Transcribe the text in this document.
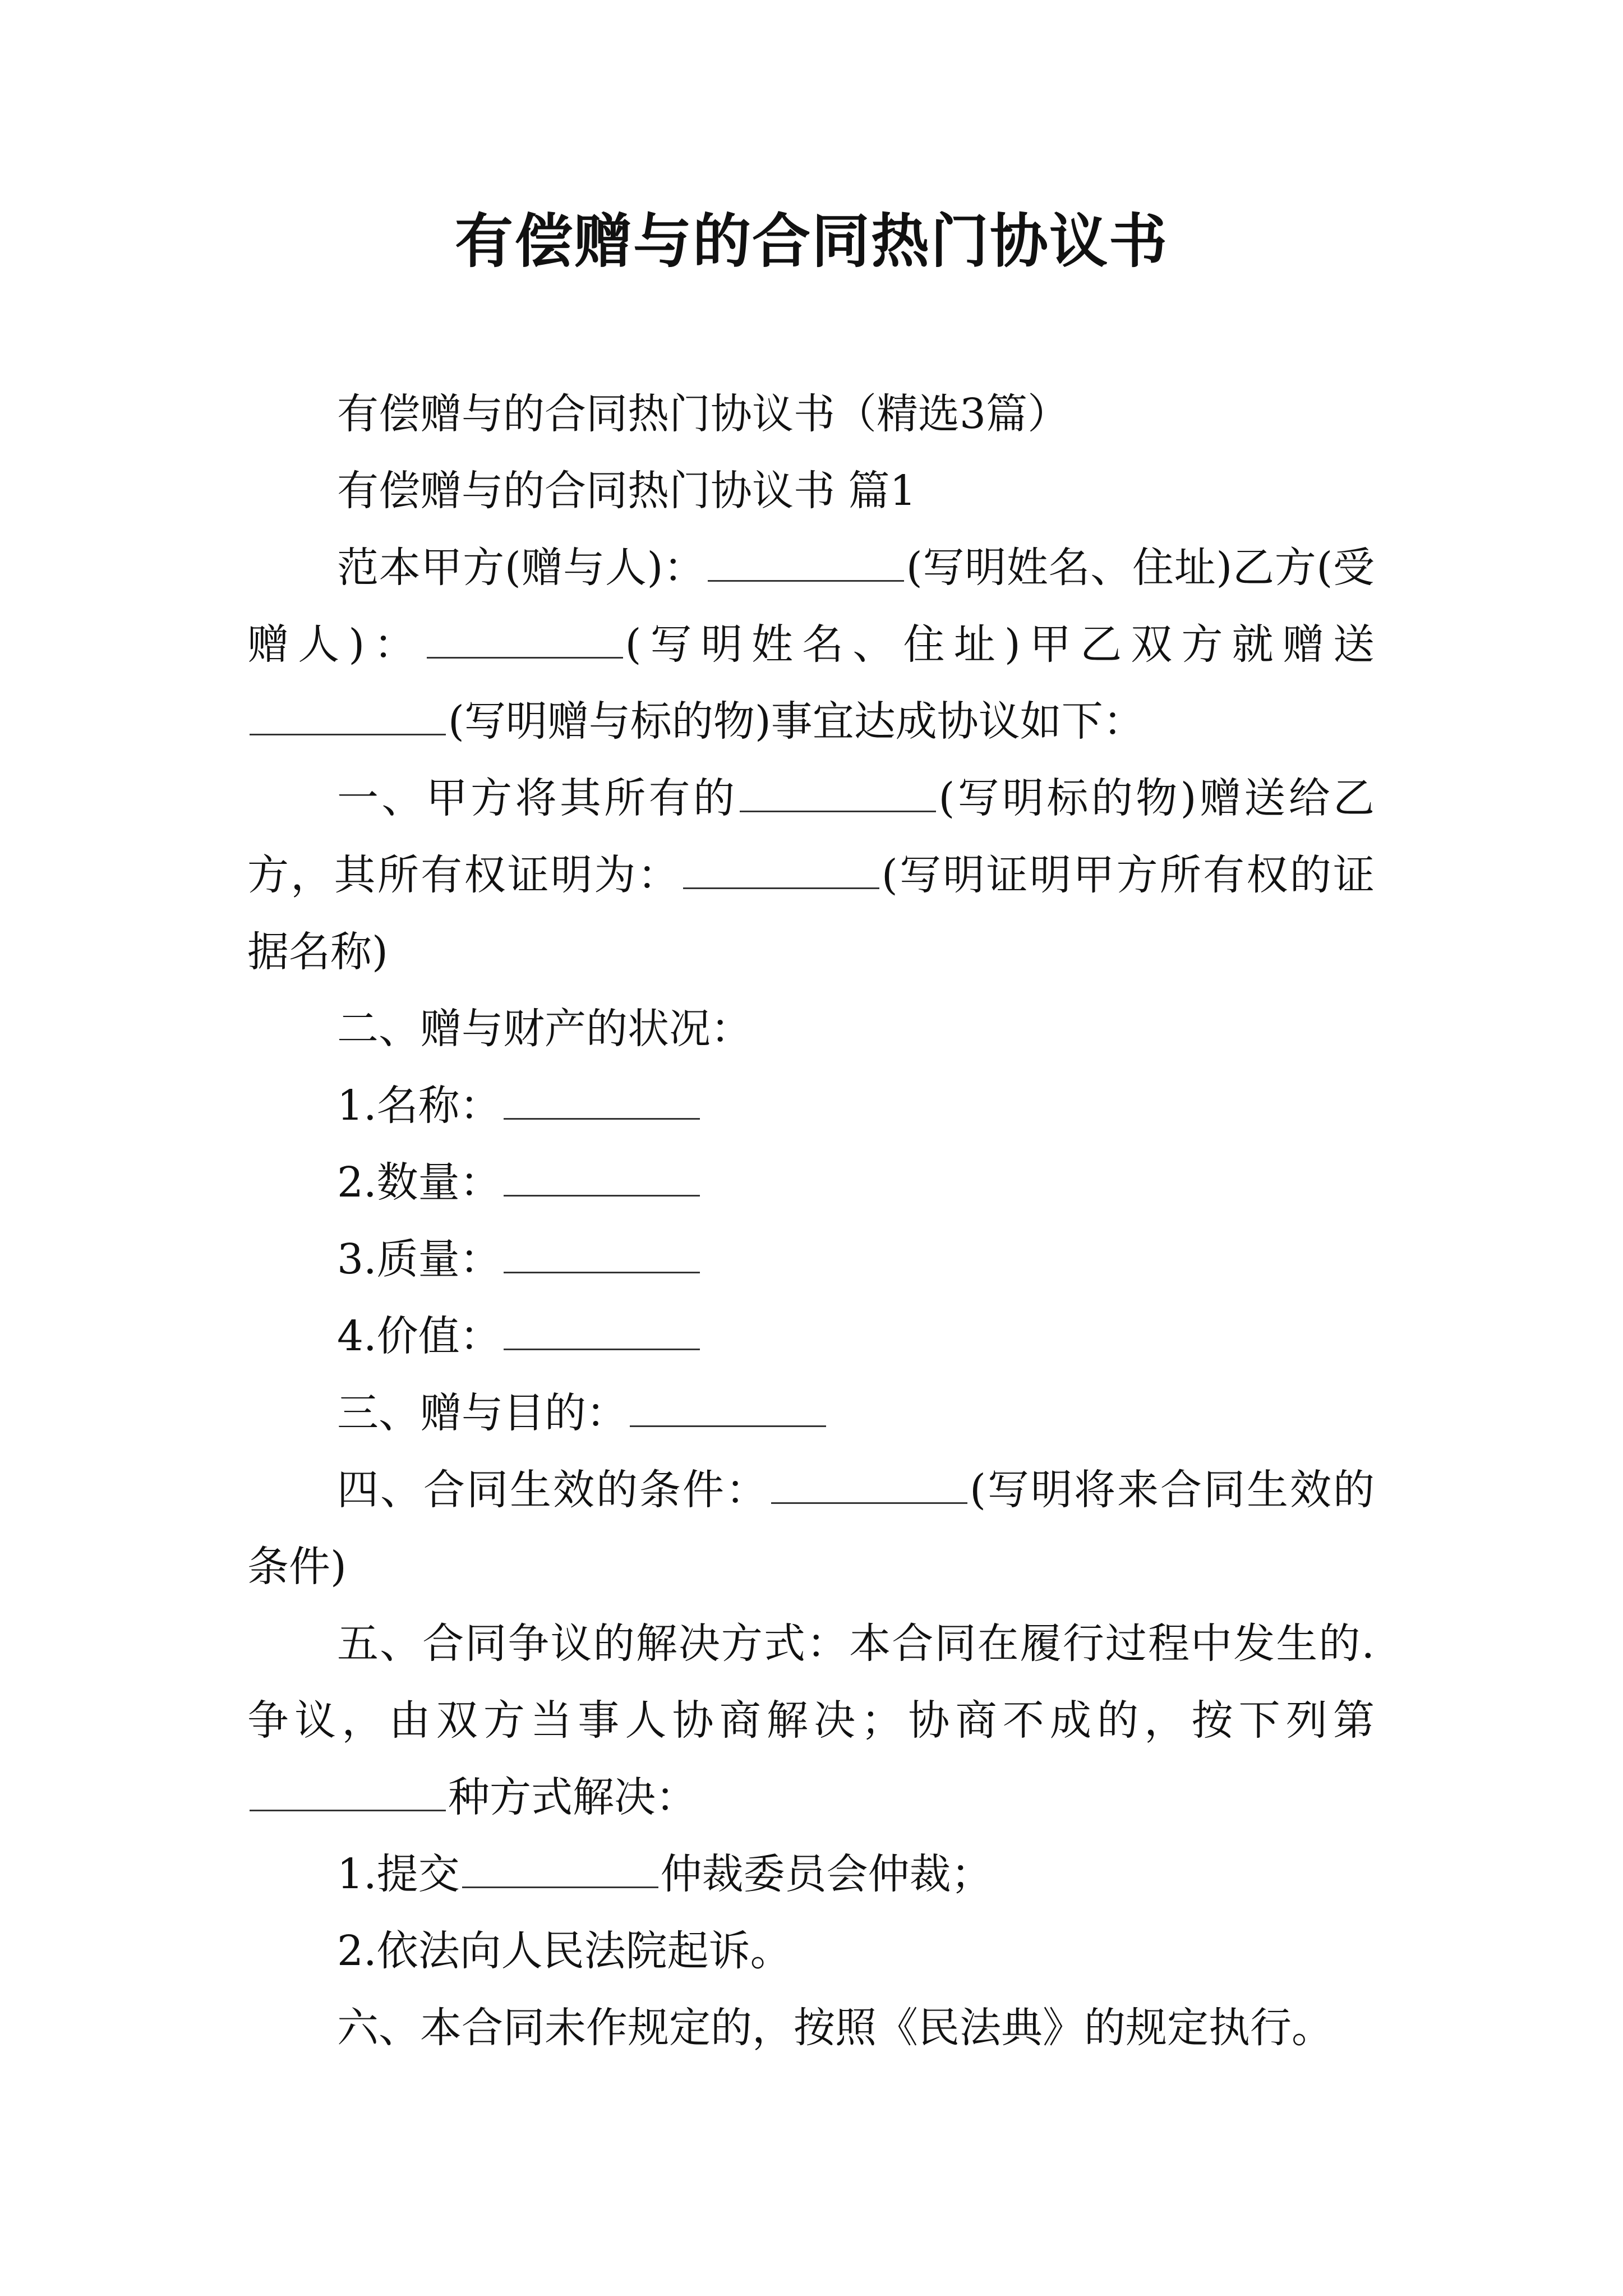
有偿赠与的合同热门协议书

有偿赠与的合同热门协议书（精选3篇）

有偿赠与的合同热门协议书 篇1

范本甲方(赠与人)：	(写明姓名、住址)乙方(受赠人)：	(写明姓名、住址)甲乙双方就赠送(写明赠与标的物)事宜达成协议如下：

一、甲方将其所有的	(写明标的物)赠送给乙方，其所有权证明为：	(写明证明甲方所有权的证据名称)

二、赠与财产的状况：

1.名称：

2.数量：

3.质量：

4.价值：

三、赠与目的：

四、合同生效的条件：	(写明将来合同生效的条件)

五、合同争议的解决方式：本合同在履行过程中发生的.争议，由双方当事人协商解决；协商不成的，按下列第种方式解决：

1.提交	仲裁委员会仲裁；

2.依法向人民法院起诉。

六、本合同未作规定的，按照《民法典》的规定执行。
